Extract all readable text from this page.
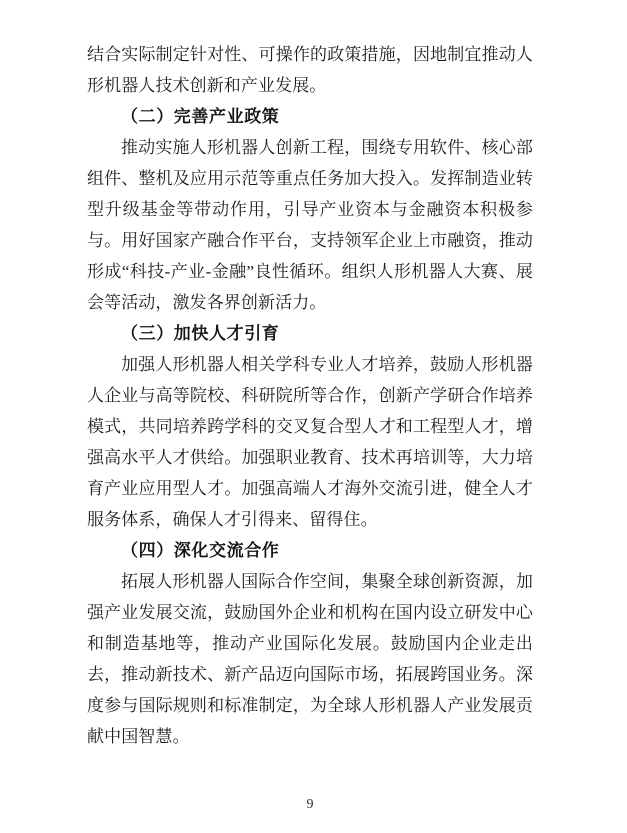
结合实际制定针对性、可操作的政策措施，因地制宜推动人形机器人技术创新和产业发展。

（二）完善产业政策

推动实施人形机器人创新工程，围绕专用软件、核心部组件、整机及应用示范等重点任务加大投入。发挥制造业转型升级基金等带动作用，引导产业资本与金融资本积极参与。用好国家产融合作平台，支持领军企业上市融资，推动形成“科技-产业-金融”良性循环。组织人形机器人大赛、展会等活动，激发各界创新活力。

（三）加快人才引育

加强人形机器人相关学科专业人才培养，鼓励人形机器人企业与高等院校、科研院所等合作，创新产学研合作培养模式，共同培养跨学科的交叉复合型人才和工程型人才，增强高水平人才供给。加强职业教育、技术再培训等，大力培育产业应用型人才。加强高端人才海外交流引进，健全人才服务体系，确保人才引得来、留得住。

（四）深化交流合作

拓展人形机器人国际合作空间，集聚全球创新资源，加强产业发展交流，鼓励国外企业和机构在国内设立研发中心和制造基地等，推动产业国际化发展。鼓励国内企业走出去，推动新技术、新产品迈向国际市场，拓展跨国业务。深度参与国际规则和标准制定，为全球人形机器人产业发展贡献中国智慧。

9
